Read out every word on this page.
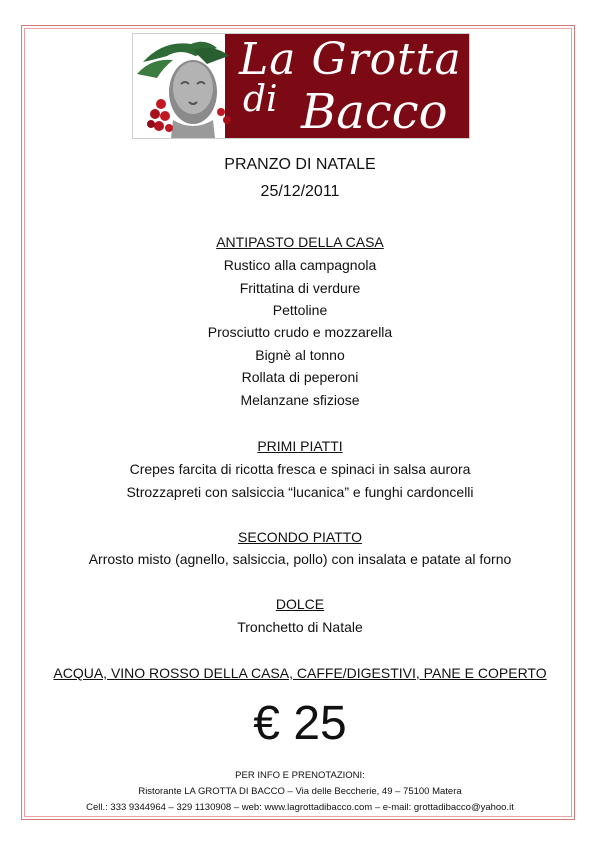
La Grotta
di Bacco
PRANZO DI NATALE
25/12/2011
ANTIPASTO DELLA CASA
Rustico alla campagnola
Frittatina di verdure
Pettoline
Prosciutto crudo e mozzarella
Bignè al tonno
Rollata di peperoni
Melanzane sfiziose
PRIMI PIATTI
Crepes farcita di ricotta fresca e spinaci in salsa aurora
Strozzapreti con salsiccia “lucanica” e funghi cardoncelli
SECONDO PIATTO
Arrosto misto (agnello, salsiccia, pollo) con insalata e patate al forno
DOLCE
Tronchetto di Natale
ACQUA, VINO ROSSO DELLA CASA, CAFFE/DIGESTIVI, PANE E COPERTO
€ 25
PER INFO E PRENOTAZIONI:
Ristorante LA GROTTA DI BACCO – Via delle Beccherie, 49 – 75100 Matera
Cell.: 333 9344964 – 329 1130908 – web: www.lagrottadibacco.com – e-mail: grottadibacco@yahoo.it
